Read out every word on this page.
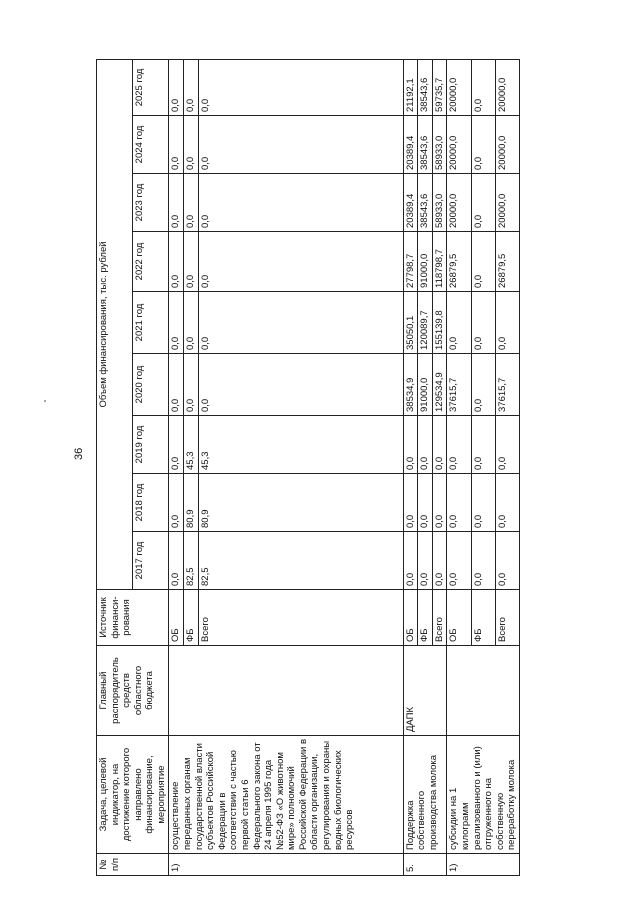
36
№ п/п	Задача, целевой индикатор, на достижение которого направлено финансирование, мероприятие	Главный распорядитель средств областного бюджета	Источник финанси-рования	Объем финансирования, тыс. рублей								
				2017 год	2018 год	2019 год	2020 год	2021 год	2022 год	2023 год	2024 год	2025 год
1)	осуществление переданных органам государственной власти субъектов Российской Федерации в соответствии с частью первой статьи 6 Федерального закона от 24 апреля 1995 года №52-ФЗ «О животном мире» полномочий Российской Федерации в области организации, регулирования и охраны водных биологических ресурсов		ОБ	0,0	0,0	0,0	0,0	0,0	0,0	0,0	0,0	0,0
			ФБ	82,5	80,9	45,3	0,0	0,0	0,0	0,0	0,0	0,0
			Всего	82,5	80,9	45,3	0,0	0,0	0,0	0,0	0,0	0,0
5.	Поддержка собственного производства молока	ДАПК	ОБ	0,0	0,0	0,0	38534,9	35050,1	27798,7	20389,4	20389,4	21192,1
			ФБ	0,0	0,0	0,0	91000,0	120089,7	91000,0	38543,6	38543,6	38543,6
			Всего	0,0	0,0	0,0	129534,9	155139,8	118798,7	58933,0	58933,0	59735,7
1)	субсидии на 1 килограмм реализованного и (или) отгруженного на собственную переработку молока		ОБ	0,0	0,0	0,0	37615,7	0,0	26879,5	20000,0	20000,0	20000,0
			ФБ	0,0	0,0	0,0	0,0	0,0	0,0	0,0	0,0	0,0
			Всего	0,0	0,0	0,0	37615,7	0,0	26879,5	20000,0	20000,0	20000,0
